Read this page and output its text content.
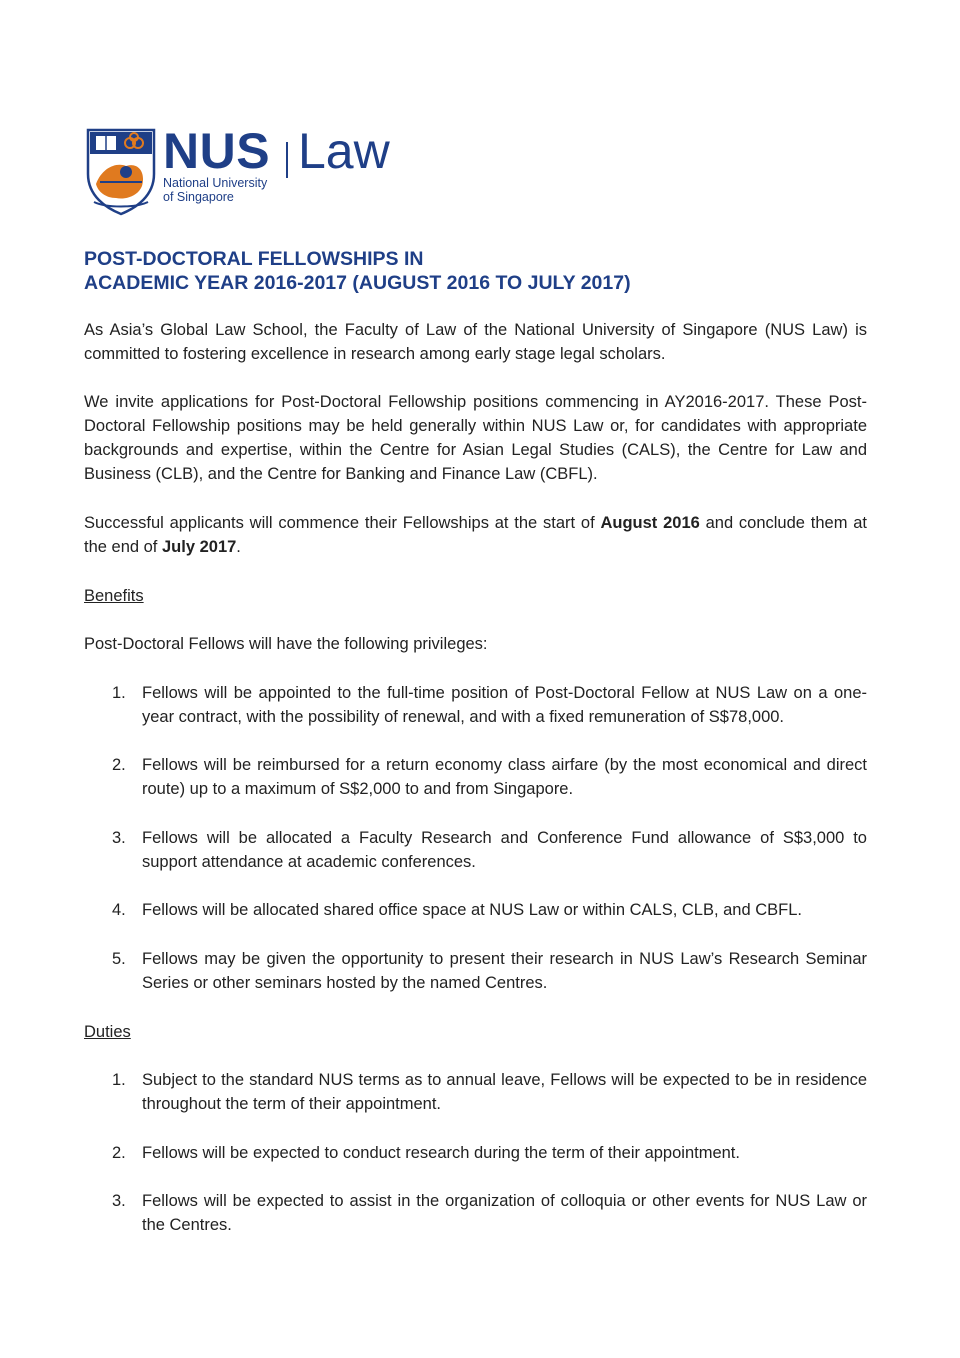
NUS Law
National University
of Singapore
POST-DOCTORAL FELLOWSHIPS IN
ACADEMIC YEAR 2016-2017 (AUGUST 2016 TO JULY 2017)

As Asia’s Global Law School, the Faculty of Law of the National University of Singapore (NUS Law) is committed to fostering excellence in research among early stage legal scholars.

We invite applications for Post-Doctoral Fellowship positions commencing in AY2016-2017. These Post-Doctoral Fellowship positions may be held generally within NUS Law or, for candidates with appropriate backgrounds and expertise, within the Centre for Asian Legal Studies (CALS), the Centre for Law and Business (CLB), and the Centre for Banking and Finance Law (CBFL).

Successful applicants will commence their Fellowships at the start of August 2016 and conclude them at the end of July 2017.

Benefits

Post-Doctoral Fellows will have the following privileges:

1. Fellows will be appointed to the full-time position of Post-Doctoral Fellow at NUS Law on a one-year contract, with the possibility of renewal, and with a fixed remuneration of S$78,000.
2. Fellows will be reimbursed for a return economy class airfare (by the most economical and direct route) up to a maximum of S$2,000 to and from Singapore.
3. Fellows will be allocated a Faculty Research and Conference Fund allowance of S$3,000 to support attendance at academic conferences.
4. Fellows will be allocated shared office space at NUS Law or within CALS, CLB, and CBFL.
5. Fellows may be given the opportunity to present their research in NUS Law’s Research Seminar Series or other seminars hosted by the named Centres.

Duties

1. Subject to the standard NUS terms as to annual leave, Fellows will be expected to be in residence throughout the term of their appointment.
2. Fellows will be expected to conduct research during the term of their appointment.
3. Fellows will be expected to assist in the organization of colloquia or other events for NUS Law or the Centres.
